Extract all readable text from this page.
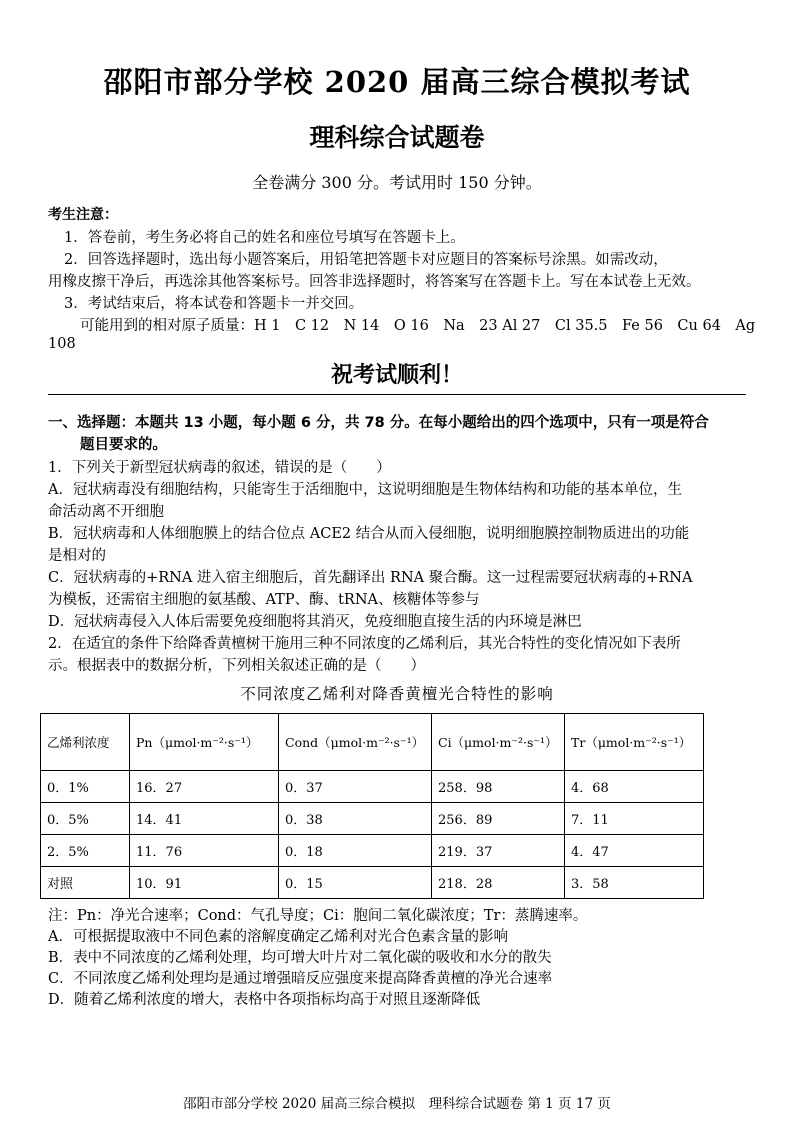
邵阳市部分学校 2020 届高三综合模拟考试
理科综合试题卷
全卷满分 300 分。考试用时 150 分钟。
考生注意：
1．答卷前，考生务必将自己的姓名和座位号填写在答题卡上。
2．回答选择题时，选出每小题答案后，用铅笔把答题卡对应题目的答案标号涂黑。如需改动，
用橡皮擦干净后，再选涂其他答案标号。回答非选择题时，将答案写在答题卡上。写在本试卷上无效。
3．考试结束后，将本试卷和答题卡一并交回。
可能用到的相对原子质量：H 1　C 12　N 14　O 16　Na　23 Al 27　Cl 35.5　Fe 56　Cu 64　Ag
108
祝考试顺利！
一、选择题：本题共 13 小题，每小题 6 分，共 78 分。在每小题给出的四个选项中，只有一项是符合
题目要求的。
1．下列关于新型冠状病毒的叙述，错误的是（　　）
A．冠状病毒没有细胞结构，只能寄生于活细胞中，这说明细胞是生物体结构和功能的基本单位，生
命活动离不开细胞
B．冠状病毒和人体细胞膜上的结合位点 ACE2 结合从而入侵细胞，说明细胞膜控制物质进出的功能
是相对的
C．冠状病毒的+RNA 进入宿主细胞后，首先翻译出 RNA 聚合酶。这一过程需要冠状病毒的+RNA
为模板，还需宿主细胞的氨基酸、ATP、酶、tRNA、核糖体等参与
D．冠状病毒侵入人体后需要免疫细胞将其消灭，免疫细胞直接生活的内环境是淋巴
2．在适宜的条件下给降香黄檀树干施用三种不同浓度的乙烯利后，其光合特性的变化情况如下表所
示。根据表中的数据分析，下列相关叙述正确的是（　　）
不同浓度乙烯利对降香黄檀光合特性的影响
乙烯利浓度	Pn（μmol·m⁻²·s⁻¹）	Cond（μmol·m⁻²·s⁻¹）	Ci（μmol·m⁻²·s⁻¹）	Tr（μmol·m⁻²·s⁻¹）
0．1%	16．27	0．37	258．98	4．68
0．5%	14．41	0．38	256．89	7．11
2．5%	11．76	0．18	219．37	4．47
对照	10．91	0．15	218．28	3．58
注：Pn：净光合速率；Cond：气孔导度；Ci：胞间二氧化碳浓度；Tr：蒸腾速率。
A．可根据提取液中不同色素的溶解度确定乙烯利对光合色素含量的影响
B．表中不同浓度的乙烯利处理，均可增大叶片对二氧化碳的吸收和水分的散失
C．不同浓度乙烯利处理均是通过增强暗反应强度来提高降香黄檀的净光合速率
D．随着乙烯利浓度的增大，表格中各项指标均高于对照且逐渐降低
邵阳市部分学校 2020 届高三综合模拟　理科综合试题卷 第 1 页 17 页
